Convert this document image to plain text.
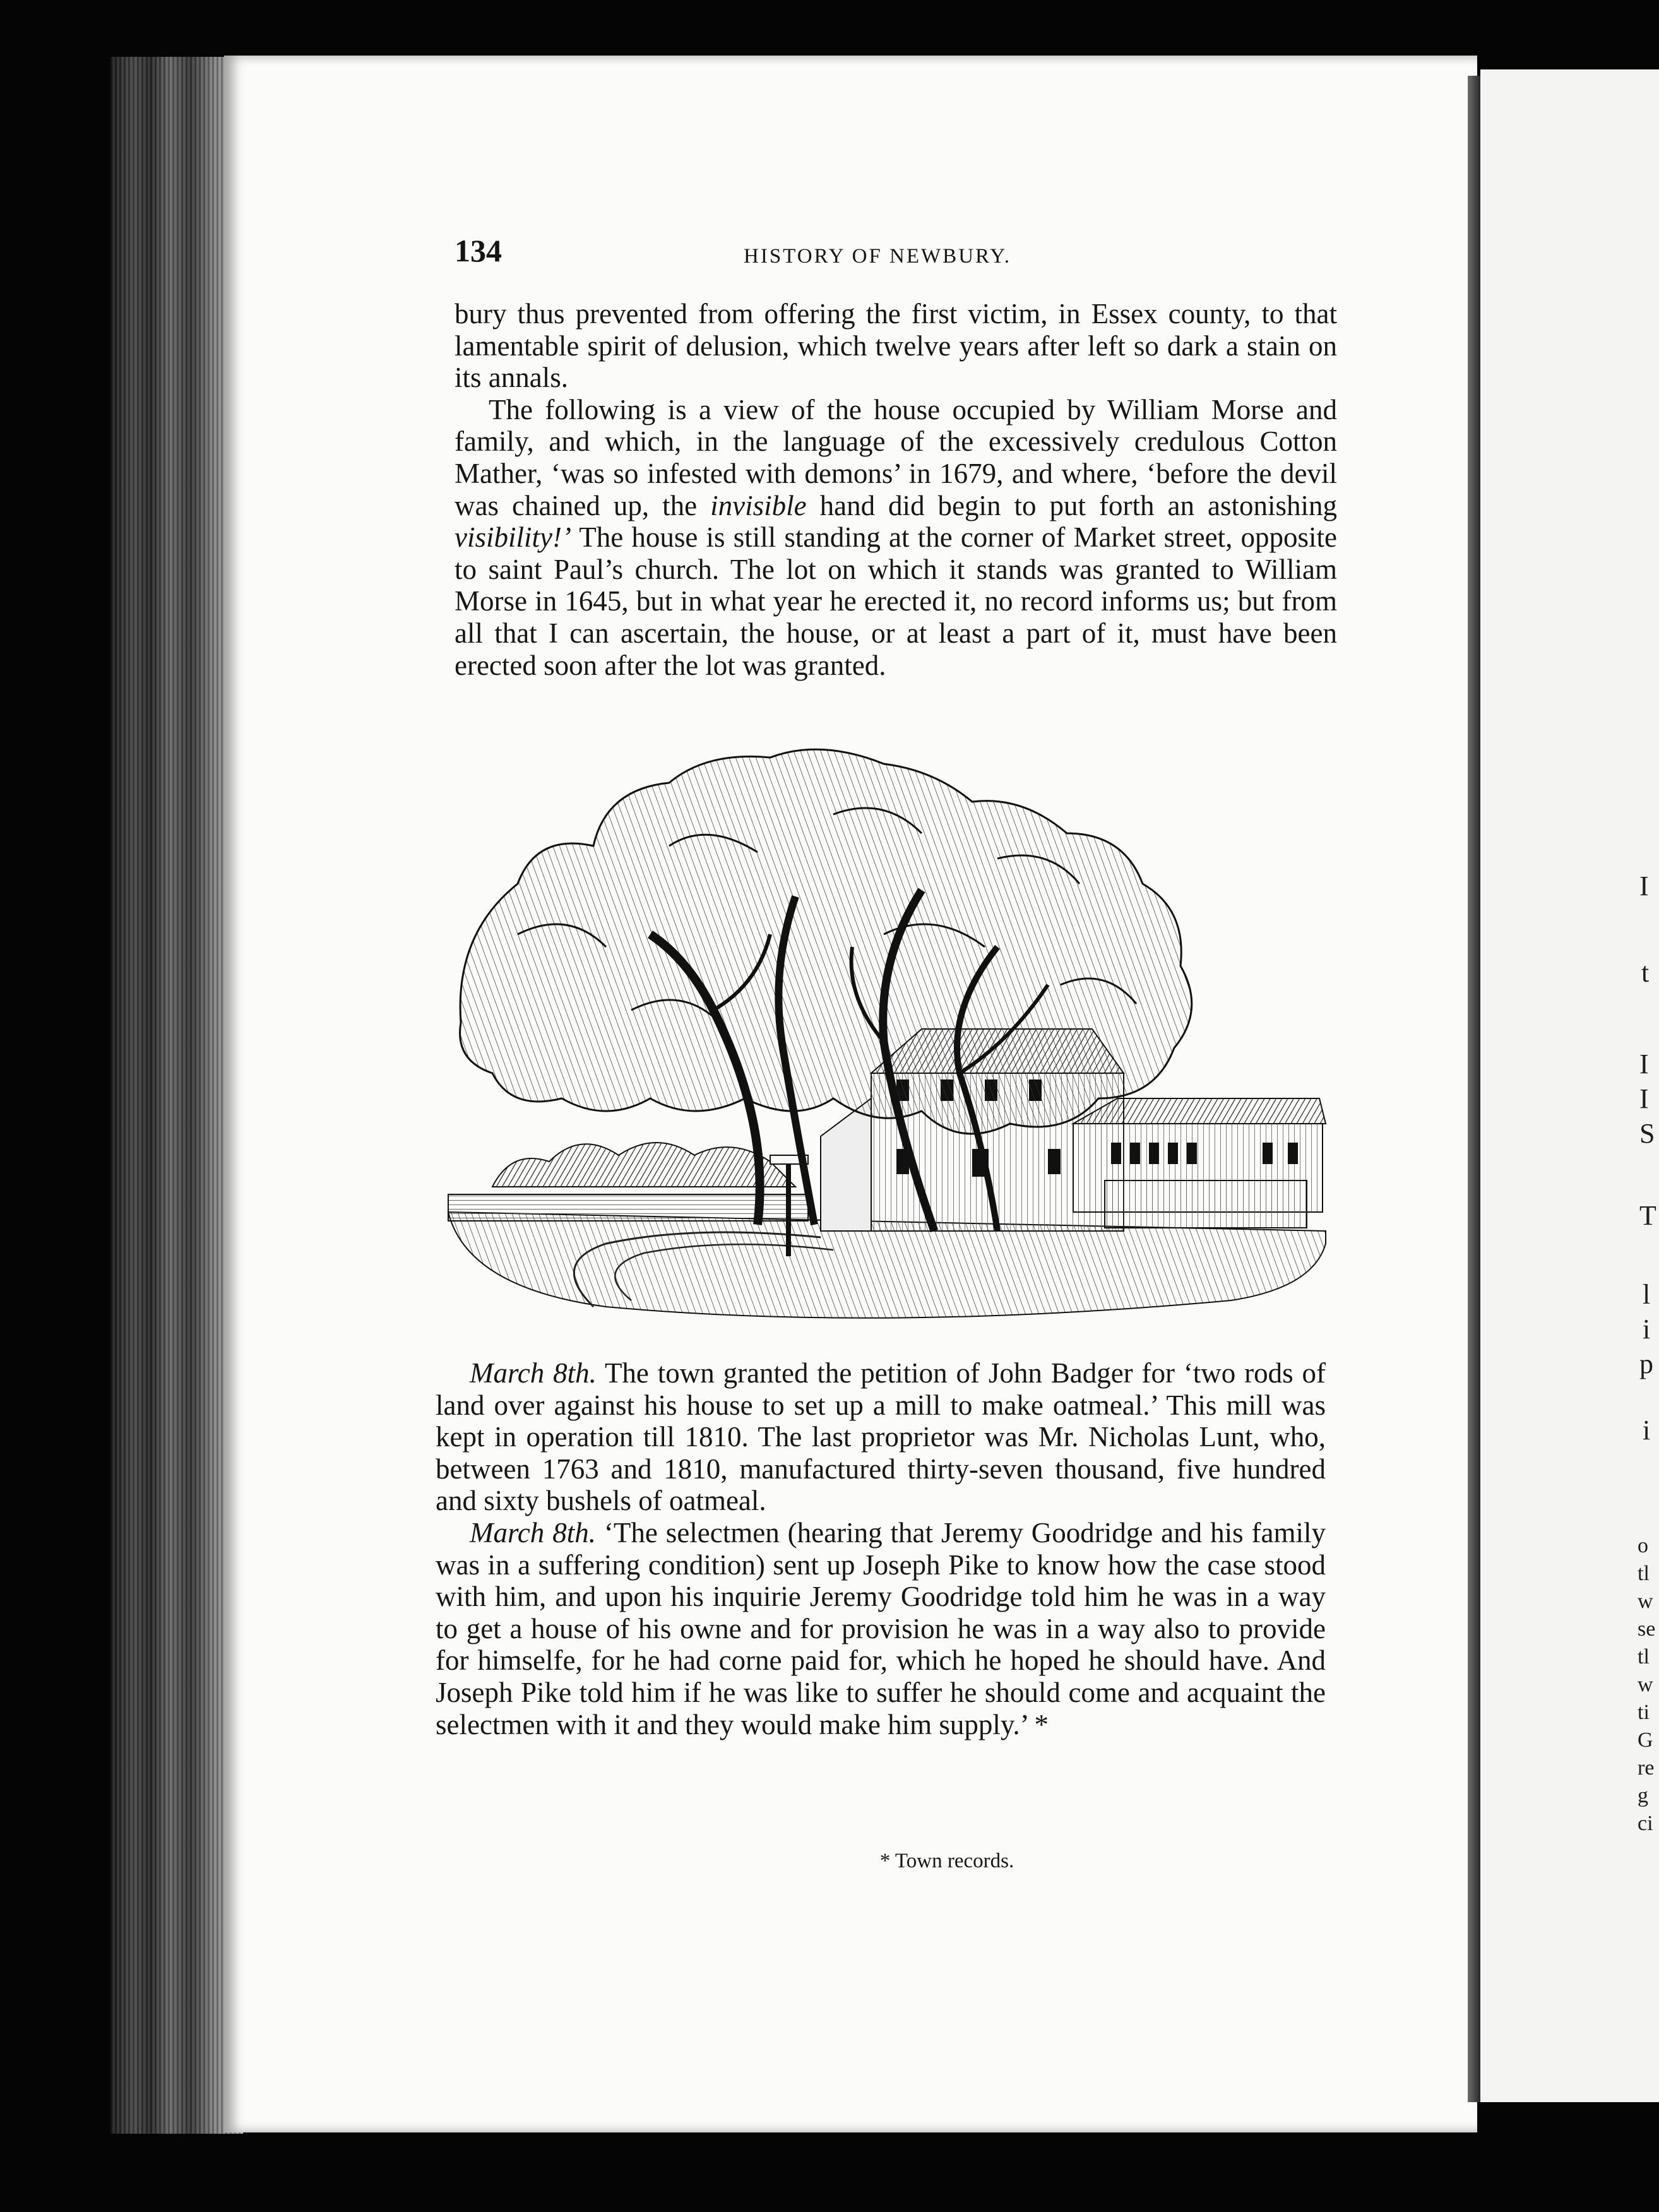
I
t
I
I
S
T
l
i
p
i
o
tl
w
se
tl
w
ti
G
re
g
ci
134	HISTORY OF NEWBURY.

bury thus prevented from offering the first victim, in Essex county, to that lamentable spirit of delusion, which twelve years after left so dark a stain on its annals.

The following is a view of the house occupied by William Morse and family, and which, in the language of the excessively credulous Cotton Mather, ‘was so infested with demons’ in 1679, and where, ‘before the devil was chained up, the invisible hand did begin to put forth an astonishing visibility!’ The house is still standing at the corner of Market street, opposite to saint Paul’s church. The lot on which it stands was granted to William Morse in 1645, but in what year he erected it, no record informs us; but from all that I can ascertain, the house, or at least a part of it, must have been erected soon after the lot was granted.

March 8th. The town granted the petition of John Badger for ‘two rods of land over against his house to set up a mill to make oatmeal.’ This mill was kept in operation till 1810. The last proprietor was Mr. Nicholas Lunt, who, between 1763 and 1810, manufactured thirty-seven thousand, five hundred and sixty bushels of oatmeal.

March 8th. ‘The selectmen (hearing that Jeremy Goodridge and his family was in a suffering condition) sent up Joseph Pike to know how the case stood with him, and upon his inquirie Jeremy Goodridge told him he was in a way to get a house of his owne and for provision he was in a way also to provide for himselfe, for he had corne paid for, which he hoped he should have. And Joseph Pike told him if he was like to suffer he should come and acquaint the selectmen with it and they would make him supply.’ *

* Town records.
